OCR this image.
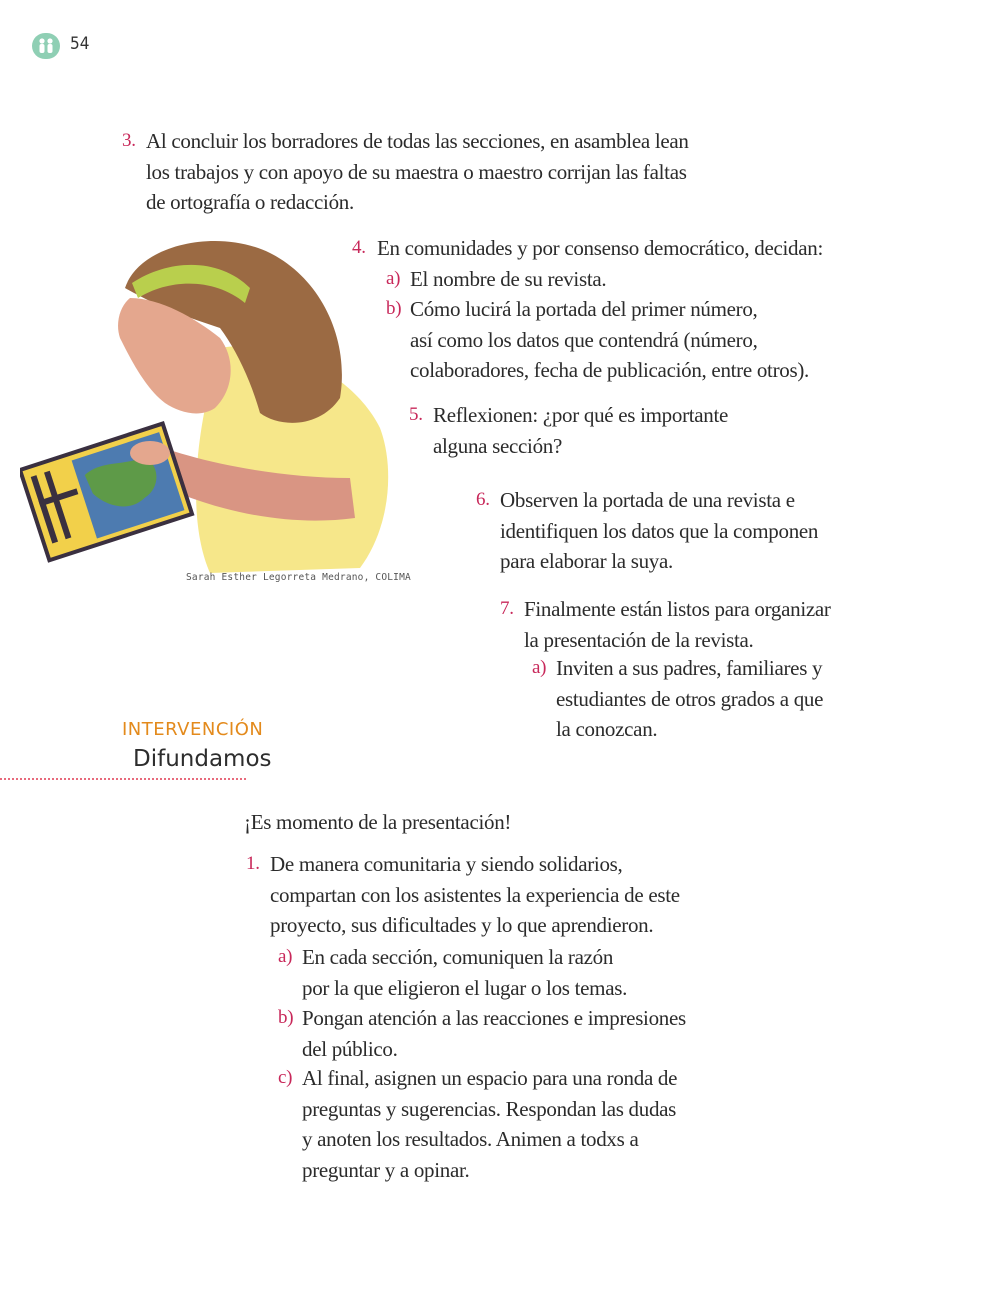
54
3. Al concluir los borradores de todas las secciones, en asamblea lean
los trabajos y con apoyo de su maestra o maestro corrijan las faltas
de ortografía o redacción.
Sarah Esther Legorreta Medrano, COLIMA
4. En comunidades y por consenso democrático, decidan:
a) El nombre de su revista.
b) Cómo lucirá la portada del primer número,
así como los datos que contendrá (número,
colaboradores, fecha de publicación, entre otros).
5. Reflexionen: ¿por qué es importante
alguna sección?
6. Observen la portada de una revista e
identifiquen los datos que la componen
para elaborar la suya.
7. Finalmente están listos para organizar
la presentación de la revista.
a) Inviten a sus padres, familiares y
estudiantes de otros grados a que
la conozcan.
INTERVENCIÓN
Difundamos
¡Es momento de la presentación!
1. De manera comunitaria y siendo solidarios,
compartan con los asistentes la experiencia de este
proyecto, sus dificultades y lo que aprendieron.
a) En cada sección, comuniquen la razón
por la que eligieron el lugar o los temas.
b) Pongan atención a las reacciones e impresiones
del público.
c) Al final, asignen un espacio para una ronda de
preguntas y sugerencias. Respondan las dudas
y anoten los resultados. Animen a todxs a
preguntar y a opinar.
